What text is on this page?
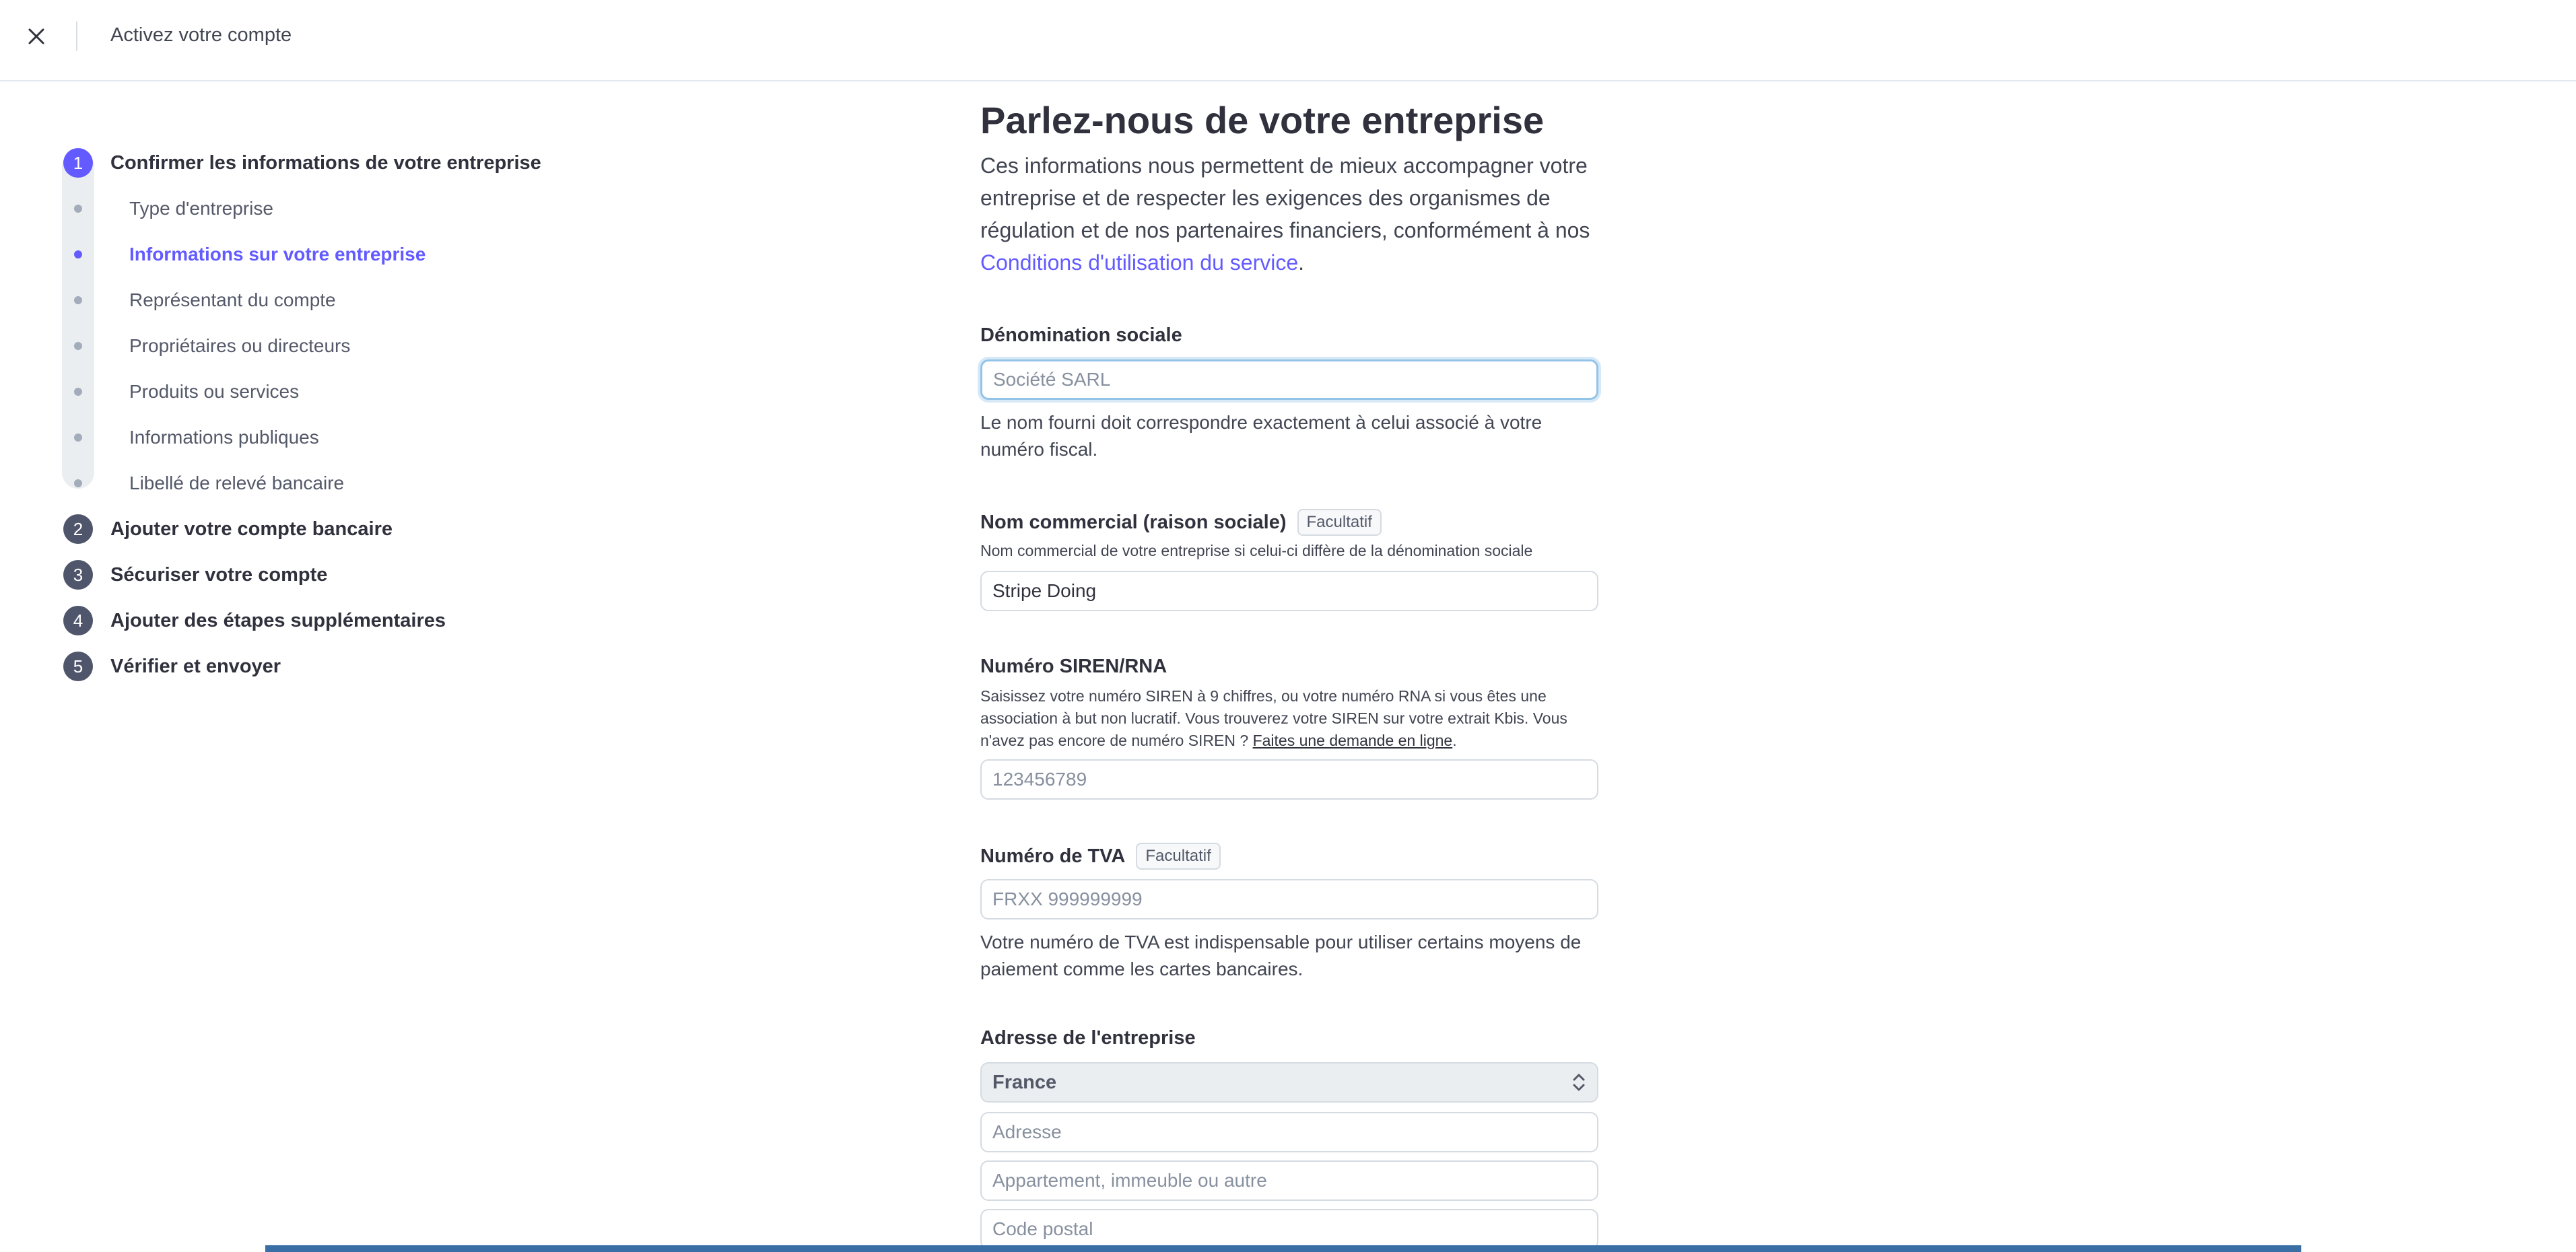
Activez votre compte
1	Confirmer les informations de votre entreprise
Type d'entreprise
Informations sur votre entreprise
Représentant du compte
Propriétaires ou directeurs
Produits ou services
Informations publiques
Libellé de relevé bancaire
2	Ajouter votre compte bancaire
3	Sécuriser votre compte
4	Ajouter des étapes supplémentaires
5	Vérifier et envoyer
Parlez-nous de votre entreprise
Ces informations nous permettent de mieux accompagner votre entreprise et de respecter les exigences des organismes de régulation et de nos partenaires financiers, conformément à nos Conditions d'utilisation du service.
Dénomination sociale
Société SARL
Le nom fourni doit correspondre exactement à celui associé à votre numéro fiscal.
Nom commercial (raison sociale)	Facultatif
Nom commercial de votre entreprise si celui-ci diffère de la dénomination sociale
Stripe Doing
Numéro SIREN/RNA
Saisissez votre numéro SIREN à 9 chiffres, ou votre numéro RNA si vous êtes une association à but non lucratif. Vous trouverez votre SIREN sur votre extrait Kbis. Vous n'avez pas encore de numéro SIREN ? Faites une demande en ligne.
123456789
Numéro de TVA	Facultatif
FRXX 999999999
Votre numéro de TVA est indispensable pour utiliser certains moyens de paiement comme les cartes bancaires.
Adresse de l'entreprise
France
Adresse
Appartement, immeuble ou autre
Code postal
